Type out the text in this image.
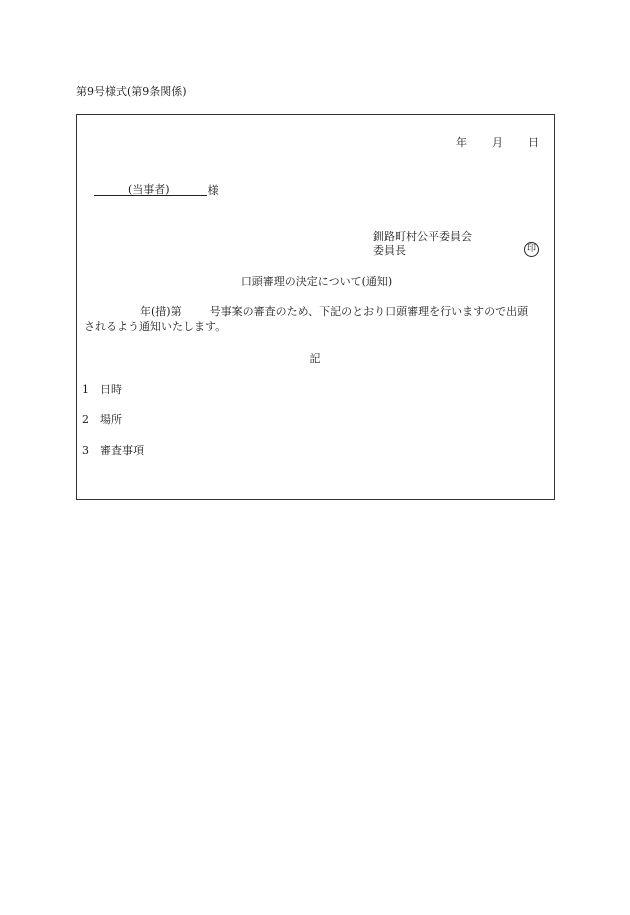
第9号様式(第9条関係)
年 月 日
(当事者)	様
釧路町村公平委員会
委員長	印
口頭審理の決定について(通知)
年(措)第	号事案の審査のため、下記のとおり口頭審理を行いますので出頭
されるよう通知いたします。
記
1 日時
2 場所
3 審査事項
